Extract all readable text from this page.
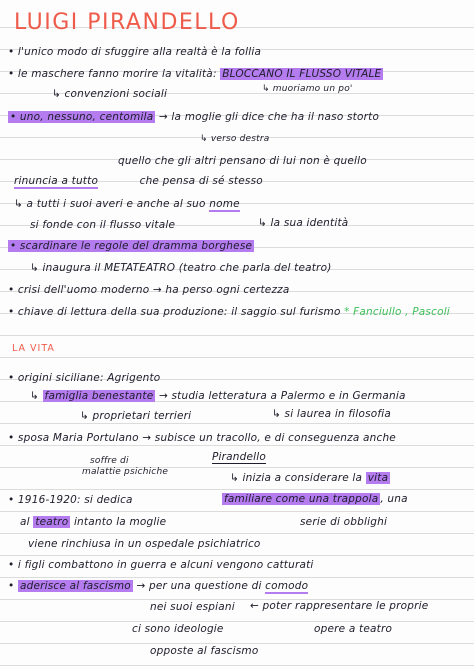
LUIGI PIRANDELLO
• l'unico modo di sfuggire alla realtà è la follia
• le maschere fanno morire la vitalità: BLOCCANO IL FLUSSO VITALE
↳ convenzioni sociali	↳ muoriamo un po'
• uno, nessuno, centomila → la moglie gli dice che ha il naso storto
↳ verso destra
quello che gli altri pensano di lui non è quello
rinuncia a tutto	che pensa di sé stesso
↳ a tutti i suoi averi e anche al suo nome
si fonde con il flusso vitale	↳ la sua identità
• scardinare le regole del dramma borghese
↳ inaugura il METATEATRO (teatro che parla del teatro)
• crisi dell'uomo moderno → ha perso ogni certezza
• chiave di lettura della sua produzione: il saggio sul furismo * Fanciullo , Pascoli
LA VITA
• origini siciliane: Agrigento
↳ famiglia benestante → studia letteratura a Palermo e in Germania
↳ proprietari terrieri	↳ si laurea in filosofia
• sposa Maria Portulano → subisce un tracollo, e di conseguenza anche
soffre di
malattie psichiche
Pirandello
↳ inizia a considerare la vita
• 1916-1920: si dedica	familiare come una trappola , una
al teatro intanto la moglie	serie di obblighi
viene rinchiusa in un ospedale psichiatrico
• i figli combattono in guerra e alcuni vengono catturati
• aderisce al fascismo → per una questione di comodo
nei suoi espiani ← poter rappresentare le proprie
ci sono ideologie	opere a teatro
opposte al fascismo
